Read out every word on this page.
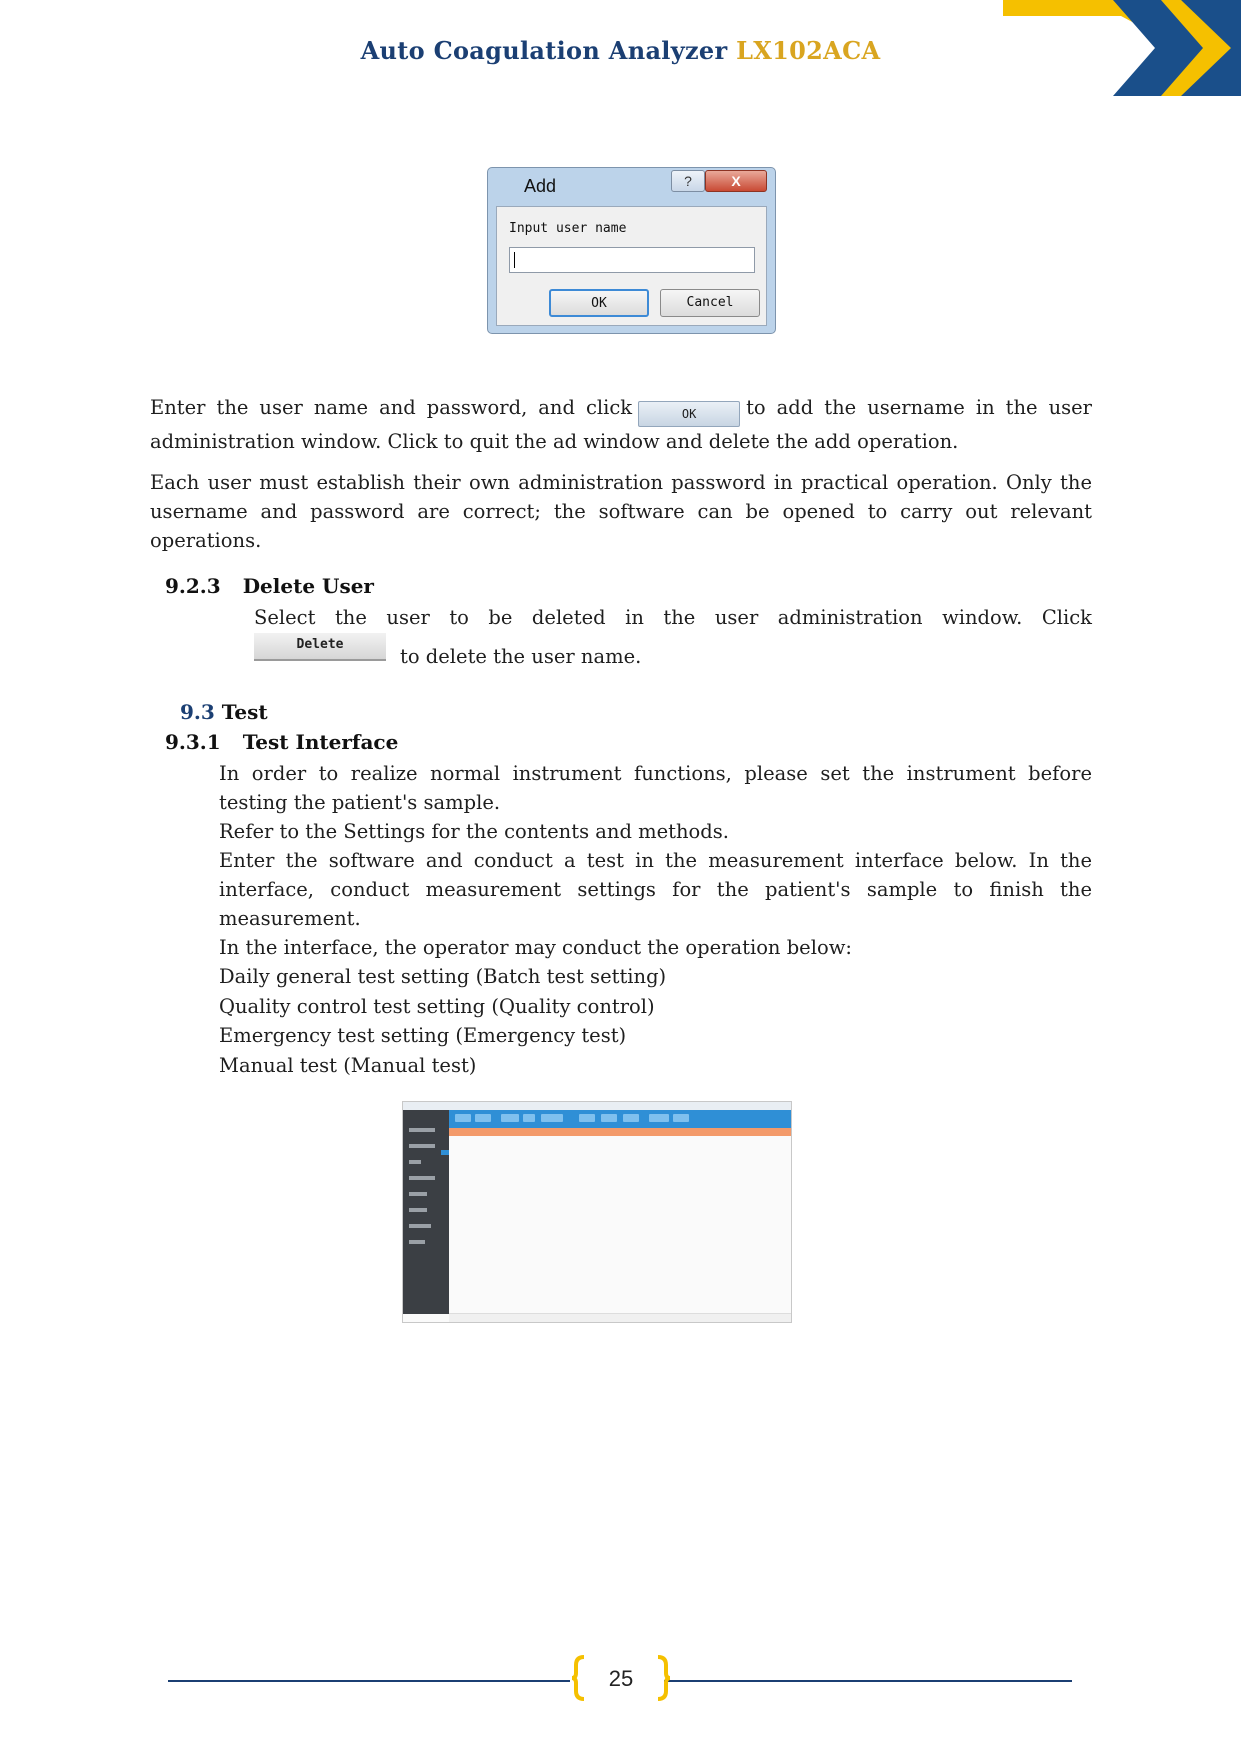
Auto Coagulation Analyzer LX102ACA
Add	?	X
Input user name
OK	Cancel
Enter the user name and password, and click	OK	to add the username in the user administration window. Click to quit the ad window and delete the add operation.
Each user must establish their own administration password in practical operation. Only the username and password are correct; the software can be opened to carry out relevant operations.
9.2.3 Delete User
Select the user to be deleted in the user administration window. Click
Delete
to delete the user name.
9.3 Test
9.3.1 Test Interface
In order to realize normal instrument functions, please set the instrument before testing the patient's sample.
Refer to the Settings for the contents and methods.
Enter the software and conduct a test in the measurement interface below. In the interface, conduct measurement settings for the patient's sample to finish the measurement.
In the interface, the operator may conduct the operation below:
Daily general test setting (Batch test setting)
Quality control test setting (Quality control)
Emergency test setting (Emergency test)
Manual test (Manual test)
25
